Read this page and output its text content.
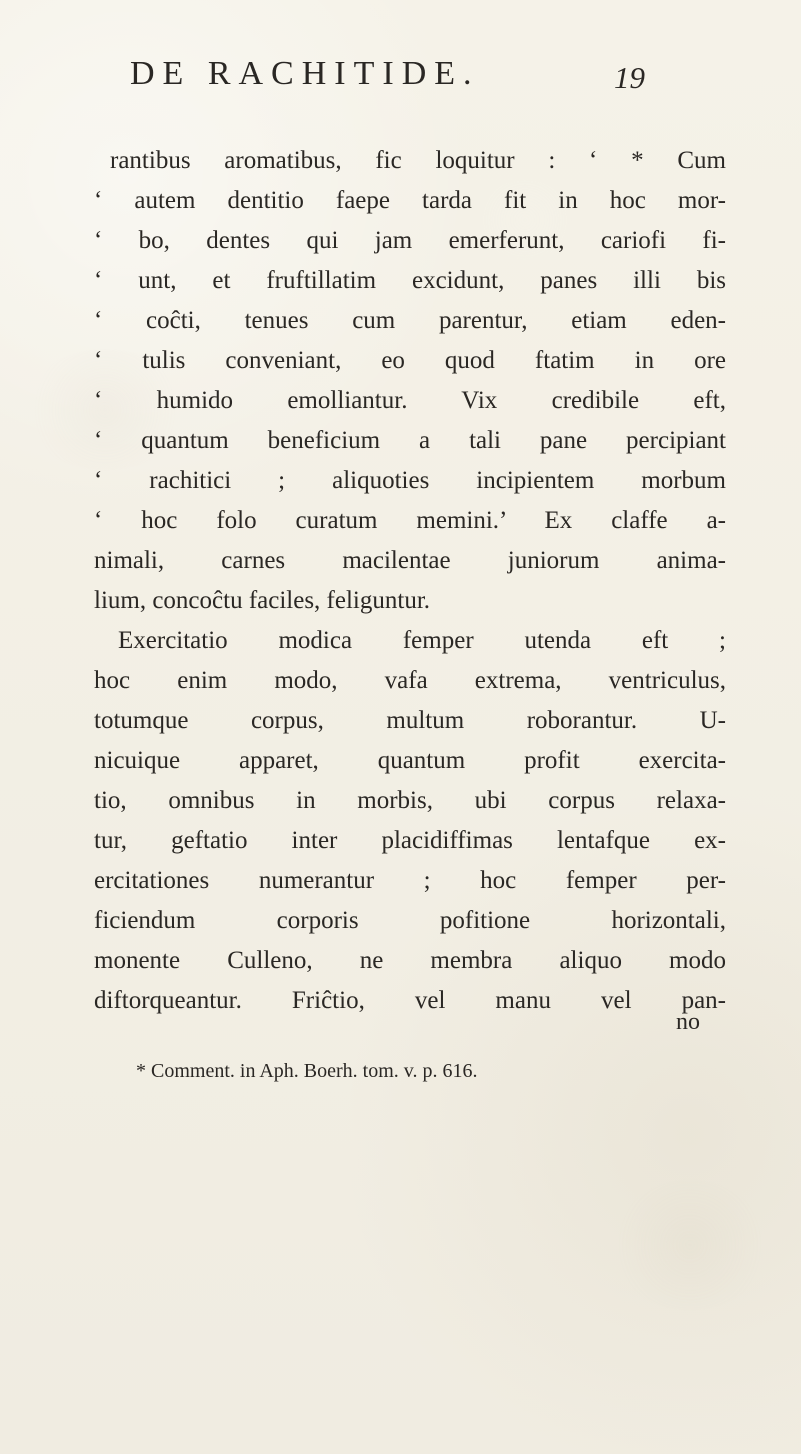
DE RACHITIDE.	19
rantibus aromatibus, fic loquitur : ‘ * Cum
‘ autem dentitio faepe tarda fit in hoc mor-
‘ bo, dentes qui jam emerferunt, cariofi fi-
‘ unt, et fruftillatim excidunt, panes illi bis
‘ coĉti, tenues cum parentur, etiam eden-
‘ tulis conveniant, eo quod ftatim in ore
‘ humido emolliantur. Vix credibile eft,
‘ quantum beneficium a tali pane percipiant
‘ rachitici ; aliquoties incipientem morbum
‘ hoc folo curatum memini.’ Ex claffe a-
nimali, carnes macilentae juniorum anima-
lium, concoĉtu faciles, feliguntur.
Exercitatio modica femper utenda eft ;
hoc enim modo, vafa extrema, ventriculus,
totumque corpus, multum roborantur. U-
nicuique apparet, quantum profit exercita-
tio, omnibus in morbis, ubi corpus relaxa-
tur, geftatio inter placidiffimas lentafque ex-
ercitationes numerantur ; hoc femper per-
ficiendum corporis pofitione horizontali,
monente Culleno, ne membra aliquo modo
diftorqueantur. Friĉtio, vel manu vel pan-
no
* Comment. in Aph. Boerh. tom. v. p. 616.
